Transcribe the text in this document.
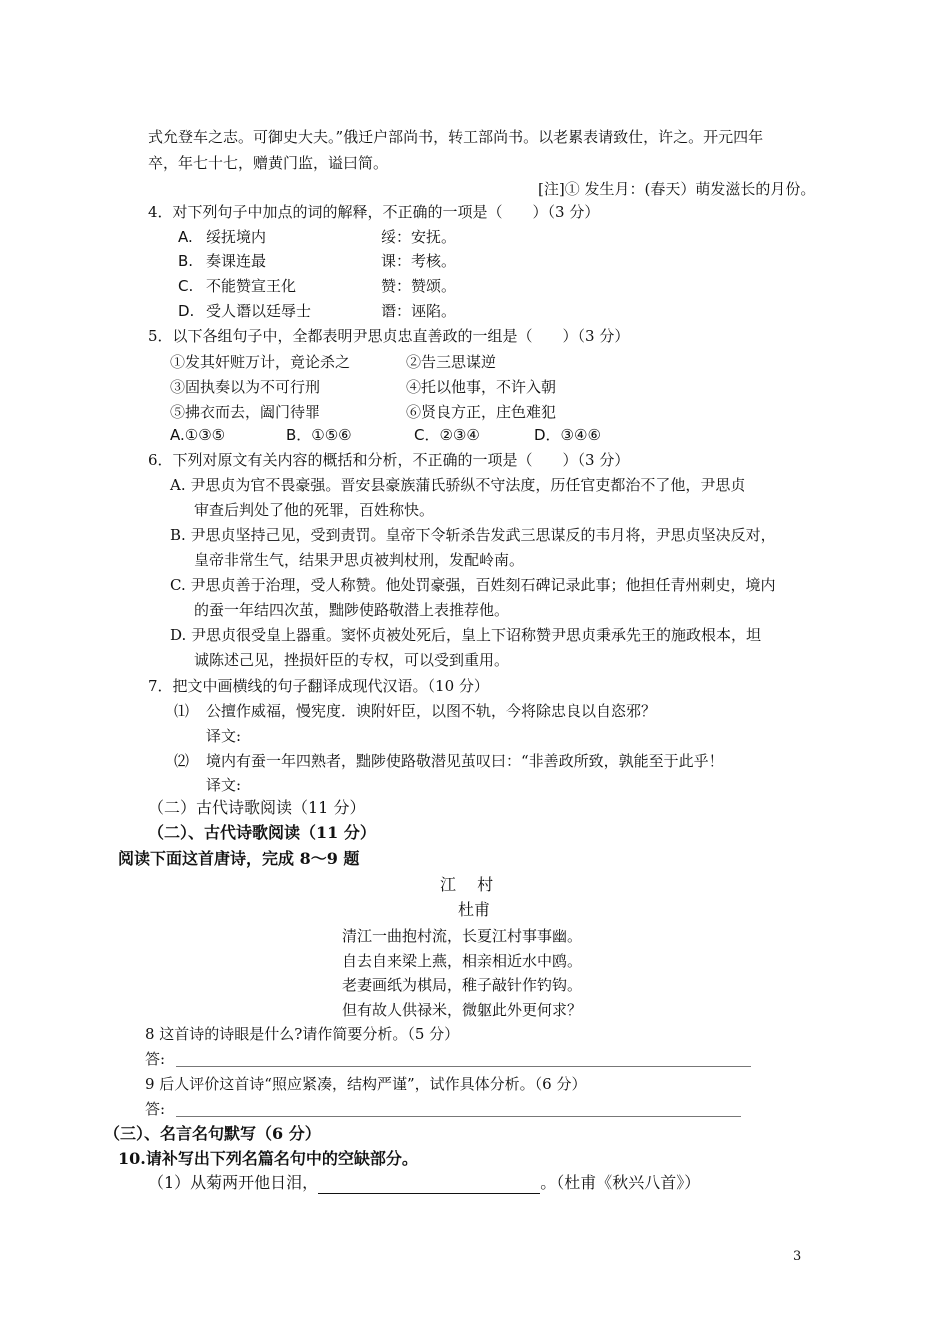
式允登车之志。可御史大夫。”俄迁户部尚书，转工部尚书。以老累表请致仕，许之。开元四年
卒，年七十七，赠黄门监，谥曰简。
[注]① 发生月：(春天）萌发滋长的月份。
4．对下列句子中加点的词的解释，不正确的一项是（　　）（3 分）
A. 绥抚境内	绥：安抚。
B. 奏课连最	课：考核。
C. 不能赞宣王化	赞：赞颂。
D. 受人谮以廷辱士	谮：诬陷。
5．以下各组句子中，全都表明尹思贞忠直善政的一组是（　　）（3 分）
①发其奸赃万计，竟论杀之	②告三思谋逆
③固执奏以为不可行刑	④托以他事，不许入朝
⑤拂衣而去，阖门待罪	⑥贤良方正，庄色难犯
A.①③⑤	B．①⑤⑥	C．②③④	D．③④⑥
6．下列对原文有关内容的概括和分析，不正确的一项是（　　）（3 分）
A. 尹思贞为官不畏豪强。晋安县豪族蒲氏骄纵不守法度，历任官吏都治不了他，尹思贞
审查后判处了他的死罪，百姓称快。
B. 尹思贞坚持己见，受到责罚。皇帝下令斩杀告发武三思谋反的韦月将，尹思贞坚决反对，
皇帝非常生气，结果尹思贞被判杖刑，发配岭南。
C. 尹思贞善于治理，受人称赞。他处罚豪强，百姓刻石碑记录此事；他担任青州刺史，境内
的蚕一年结四次茧，黜陟使路敬潜上表推荐他。
D. 尹思贞很受皇上器重。窦怀贞被处死后，皇上下诏称赞尹思贞秉承先王的施政根本，坦
诚陈述己见，挫损奸臣的专权，可以受到重用。
7．把文中画横线的句子翻译成现代汉语。（10 分）
⑴ 公擅作威福，慢宪度．谀附奸臣，以图不轨，今将除忠良以自恣邪？
译文:
⑵ 境内有蚕一年四熟者，黜陟使路敬潜见茧叹曰：“非善政所致，孰能至于此乎！
译文:
（二）古代诗歌阅读（11 分）
（二）、古代诗歌阅读（11 分）
阅读下面这首唐诗，完成 8～9 题
江　 村
杜甫
清江一曲抱村流，长夏江村事事幽。
自去自来梁上燕，相亲相近水中鸥。
老妻画纸为棋局，稚子敲针作钓钩。
但有故人供禄米，微躯此外更何求？
8 这首诗的诗眼是什么?请作简要分析。（5 分）
答:
9 后人评价这首诗“照应紧凑，结构严谨”，试作具体分析。（6 分）
答:
（三）、名言名句默写（6 分）
10.请补写出下列名篇名句中的空缺部分。
（1）从菊两开他日泪，	。（杜甫《秋兴八首》）
3
